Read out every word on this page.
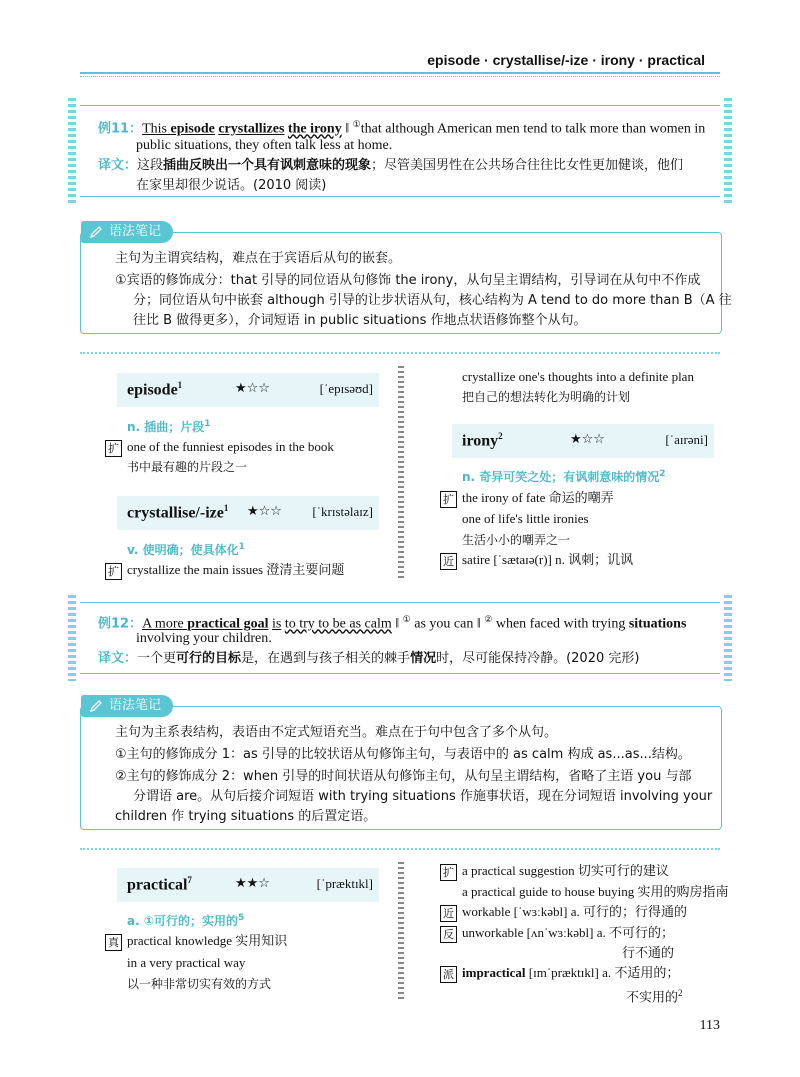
episode · crystallise/-ize · irony · practical
例11：This episode crystallizes the irony ‖ ①that although American men tend to talk more than women in
public situations, they often talk less at home.
译文：这段插曲反映出一个具有讽刺意味的现象；尽管美国男性在公共场合往往比女性更加健谈，他们
在家里却很少说话。(2010 阅读)
语法笔记
主句为主谓宾结构，难点在于宾语后从句的嵌套。
①宾语的修饰成分：that 引导的同位语从句修饰 the irony，从句呈主谓结构，引导词在从句中不作成
分；同位语从句中嵌套 although 引导的让步状语从句，核心结构为 A tend to do more than B（A 往
往比 B 做得更多），介词短语 in public situations 作地点状语修饰整个从句。
episode$^1$	★☆☆	[ˈepɪsəʊd]
n. 插曲；片段$^1$
扩 one of the funniest episodes in the book
书中最有趣的片段之一
crystallise/-ize$^1$ ★☆☆ [ˈkrɪstəlaɪz]
v. 使明确；使具体化$^1$
扩 crystallize the main issues 澄清主要问题
crystallize one's thoughts into a definite plan
把自己的想法转化为明确的计划
irony$^2$	★☆☆	[ˈaɪrəni]
n. 奇异可笑之处；有讽刺意味的情况$^2$
扩 the irony of fate 命运的嘲弄
one of life's little ironies
生活小小的嘲弄之一
近 satire [ˈsætaɪə(r)] n. 讽刺；讥讽
例12：A more practical goal is to try to be as calm ‖ ① as you can ‖ ② when faced with trying situations
involving your children.
译文：一个更可行的目标是，在遇到与孩子相关的棘手情况时，尽可能保持冷静。(2020 完形)
语法笔记
主句为主系表结构，表语由不定式短语充当。难点在于句中包含了多个从句。
①主句的修饰成分 1：as 引导的比较状语从句修饰主句，与表语中的 as calm 构成 as...as...结构。
②主句的修饰成分 2：when 引导的时间状语从句修饰主句，从句呈主谓结构，省略了主语 you 与部
分谓语 are。从句后接介词短语 with trying situations 作施事状语，现在分词短语 involving your
children 作 trying situations 的后置定语。
practical$^7$	★★☆	[ˈpræktɪkl]
a. ①可行的；实用的$^5$
真 practical knowledge 实用知识
in a very practical way
以一种非常切实有效的方式
扩 a practical suggestion 切实可行的建议
a practical guide to house buying 实用的购房指南
近 workable [ˈwɜːkəbl] a. 可行的；行得通的
反 unworkable [ʌnˈwɜːkəbl] a. 不可行的；
行不通的
派 impractical [ɪmˈpræktɪkl] a. 不适用的；
不实用的$^2$
113
